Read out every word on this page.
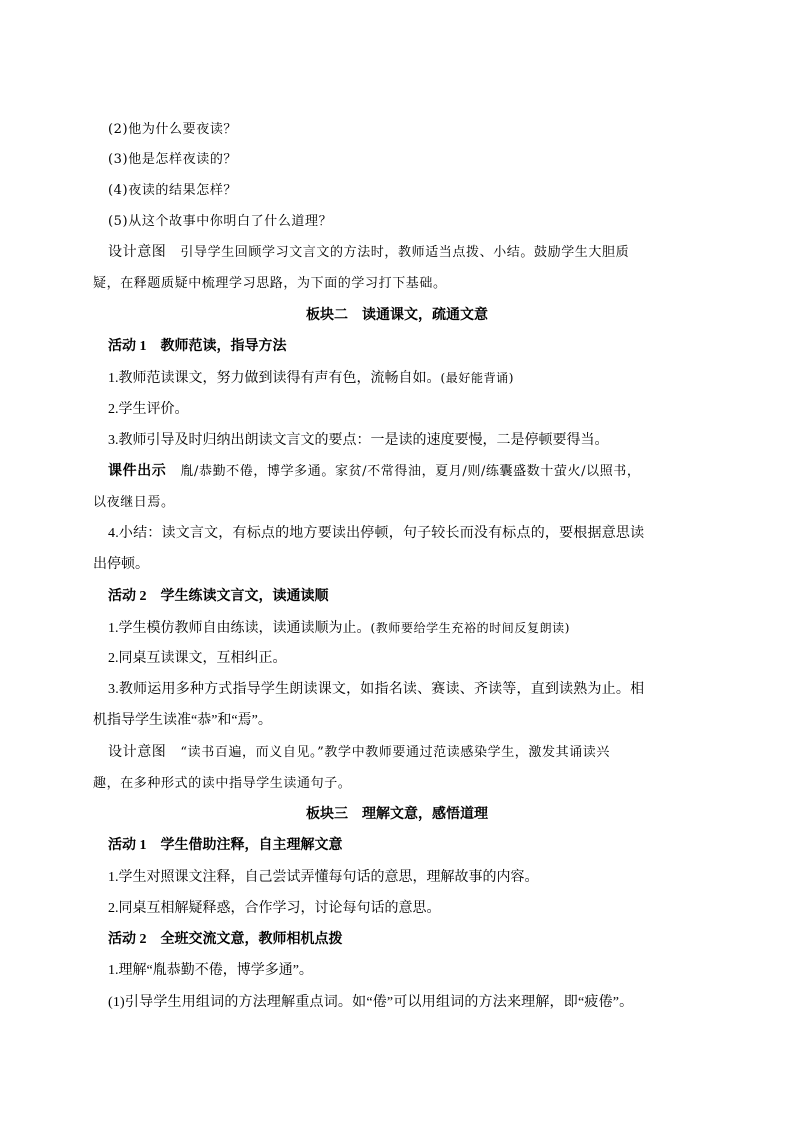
(2)他为什么要夜读？
(3)他是怎样夜读的？
(4)夜读的结果怎样？
(5)从这个故事中你明白了什么道理？
设计意图 引导学生回顾学习文言文的方法时，教师适当点拨、小结。鼓励学生大胆质
疑，在释题质疑中梳理学习思路，为下面的学习打下基础。
板块二　读通课文，疏通文意
活动 1　教师范读，指导方法
1.教师范读课文，努力做到读得有声有色，流畅自如。(最好能背诵)
2.学生评价。
3.教师引导及时归纳出朗读文言文的要点：一是读的速度要慢，二是停顿要得当。
课件出示 胤/恭勤不倦，博学多通。家贫/不常得油，夏月/则/练囊盛数十萤火/以照书，
以夜继日焉。
4.小结：读文言文，有标点的地方要读出停顿，句子较长而没有标点的，要根据意思读
出停顿。
活动 2　学生练读文言文，读通读顺
1.学生模仿教师自由练读，读通读顺为止。(教师要给学生充裕的时间反复朗读)
2.同桌互读课文，互相纠正。
3.教师运用多种方式指导学生朗读课文，如指名读、赛读、齐读等，直到读熟为止。相
机指导学生读准“恭”和“焉”。
设计意图 “读书百遍，而义自见。”教学中教师要通过范读感染学生，激发其诵读兴
趣，在多种形式的读中指导学生读通句子。
板块三　理解文意，感悟道理
活动 1　学生借助注释，自主理解文意
1.学生对照课文注释，自己尝试弄懂每句话的意思，理解故事的内容。
2.同桌互相解疑释惑，合作学习，讨论每句话的意思。
活动 2　全班交流文意，教师相机点拨
1.理解“胤恭勤不倦，博学多通”。
(1)引导学生用组词的方法理解重点词。如“倦”可以用组词的方法来理解，即“疲倦”。
